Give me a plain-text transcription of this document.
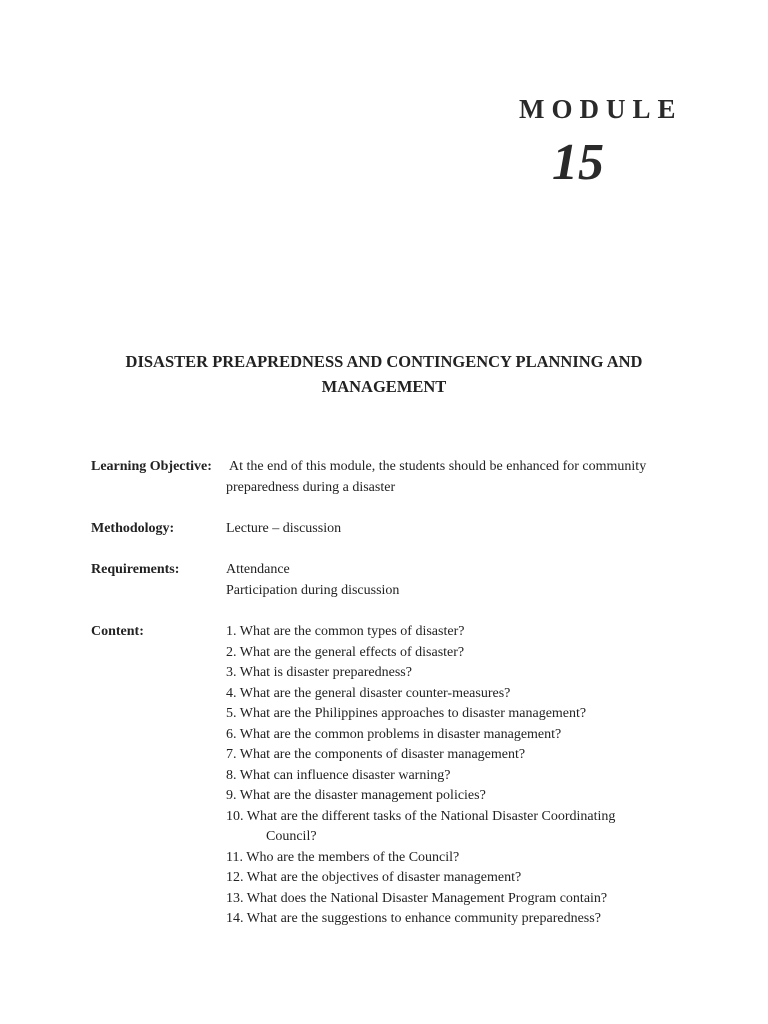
MODULE
15
DISASTER PREAPREDNESS AND CONTINGENCY PLANNING AND
MANAGEMENT
Learning Objective: At the end of this module, the students should be enhanced for community
preparedness during a disaster
Methodology:	Lecture – discussion
Requirements:	Attendance
Participation during discussion
Content:	1. What are the common types of disaster?
2. What are the general effects of disaster?
3. What is disaster preparedness?
4. What are the general disaster counter-measures?
5. What are the Philippines approaches to disaster management?
6. What are the common problems in disaster management?
7. What are the components of disaster management?
8. What can influence disaster warning?
9. What are the disaster management policies?
10. What are the different tasks of the National Disaster Coordinating
Council?
11. Who are the members of the Council?
12. What are the objectives of disaster management?
13. What does the National Disaster Management Program contain?
14. What are the suggestions to enhance community preparedness?
